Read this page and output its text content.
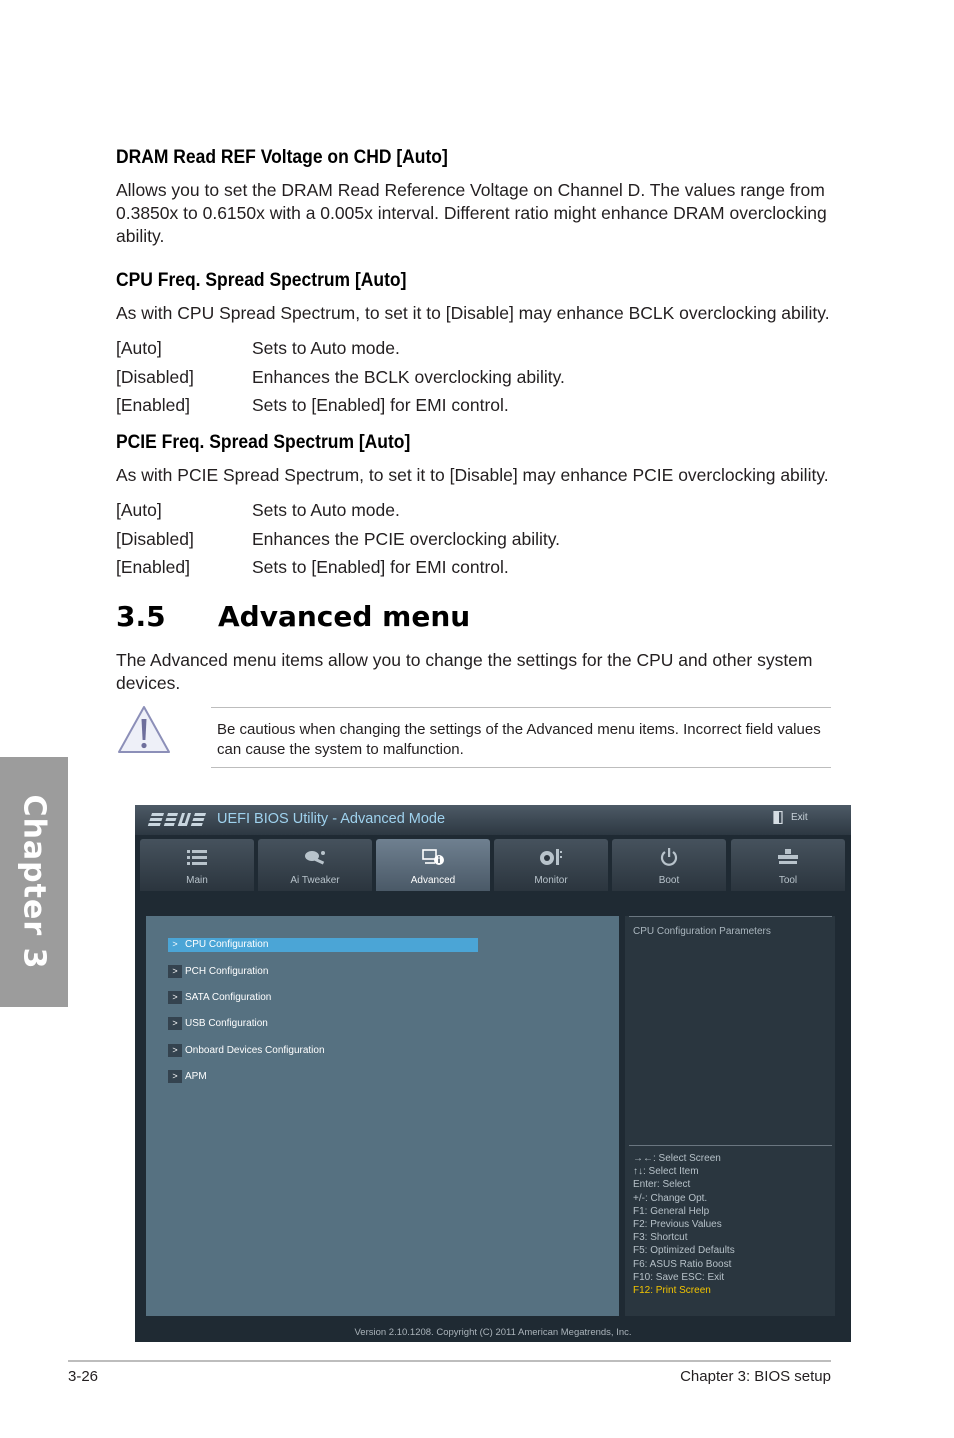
Chapter 3
DRAM Read REF Voltage on CHD [Auto]
Allows you to set the DRAM Read Reference Voltage on Channel D. The values range from 0.3850x to 0.6150x with a 0.005x interval. Different ratio might enhance DRAM overclocking ability.
CPU Freq. Spread Spectrum [Auto]
As with CPU Spread Spectrum, to set it to [Disable] may enhance BCLK overclocking ability.
[Auto]	Sets to Auto mode.
[Disabled]	Enhances the BCLK overclocking ability.
[Enabled]	Sets to [Enabled] for EMI control.
PCIE Freq. Spread Spectrum [Auto]
As with PCIE Spread Spectrum, to set it to [Disable] may enhance PCIE overclocking ability.
[Auto]	Sets to Auto mode.
[Disabled]	Enhances the PCIE overclocking ability.
[Enabled]	Sets to [Enabled] for EMI control.
3.5 Advanced menu
The Advanced menu items allow you to change the settings for the CPU and other system devices.
Be cautious when changing the settings of the Advanced menu items. Incorrect field values can cause the system to malfunction.
UEFI BIOS Utility - Advanced Mode	Exit
Main	Ai Tweaker	Advanced	Monitor	Boot	Tool
> CPU Configuration
> PCH Configuration
> SATA Configuration
> USB Configuration
> Onboard Devices Configuration
> APM
CPU Configuration Parameters
→←: Select Screen
↑↓: Select Item
Enter: Select
+/-: Change Opt.
F1: General Help
F2: Previous Values
F3: Shortcut
F5: Optimized Defaults
F6: ASUS Ratio Boost
F10: Save ESC: Exit
F12: Print Screen
Version 2.10.1208. Copyright (C) 2011 American Megatrends, Inc.
3-26	Chapter 3: BIOS setup
